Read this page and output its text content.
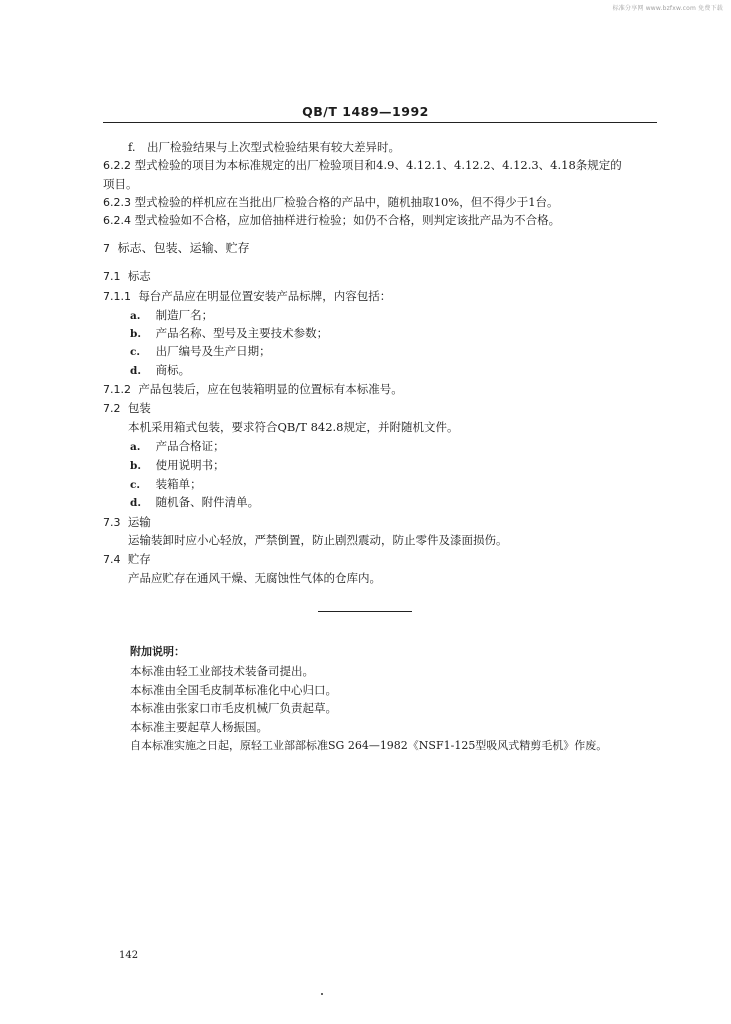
标准分享网 www.bzfxw.com 免费下载
QB/T 1489—1992
f.　出厂检验结果与上次型式检验结果有较大差异时。
6.2.2 型式检验的项目为本标准规定的出厂检验项目和4.9、4.12.1、4.12.2、4.12.3、4.18条规定的
项目。
6.2.3 型式检验的样机应在当批出厂检验合格的产品中，随机抽取10%，但不得少于1台。
6.2.4 型式检验如不合格，应加倍抽样进行检验；如仍不合格，则判定该批产品为不合格。
7 标志、包装、运输、贮存
7.1 标志
7.1.1 每台产品应在明显位置安装产品标牌，内容包括：
a. 制造厂名；
b. 产品名称、型号及主要技术参数；
c. 出厂编号及生产日期；
d. 商标。
7.1.2 产品包装后，应在包装箱明显的位置标有本标准号。
7.2 包装
本机采用箱式包装，要求符合QB/T 842.8规定，并附随机文件。
a. 产品合格证；
b. 使用说明书；
c. 装箱单；
d. 随机备、附件清单。
7.3 运输
运输装卸时应小心轻放，严禁倒置，防止剧烈震动，防止零件及漆面损伤。
7.4 贮存
产品应贮存在通风干燥、无腐蚀性气体的仓库内。
附加说明：
本标准由轻工业部技术装备司提出。
本标准由全国毛皮制革标准化中心归口。
本标准由张家口市毛皮机械厂负责起草。
本标准主要起草人杨振国。
自本标准实施之日起，原轻工业部部标准SG 264—1982《NSF1-125型吸风式精剪毛机》作废。
142
